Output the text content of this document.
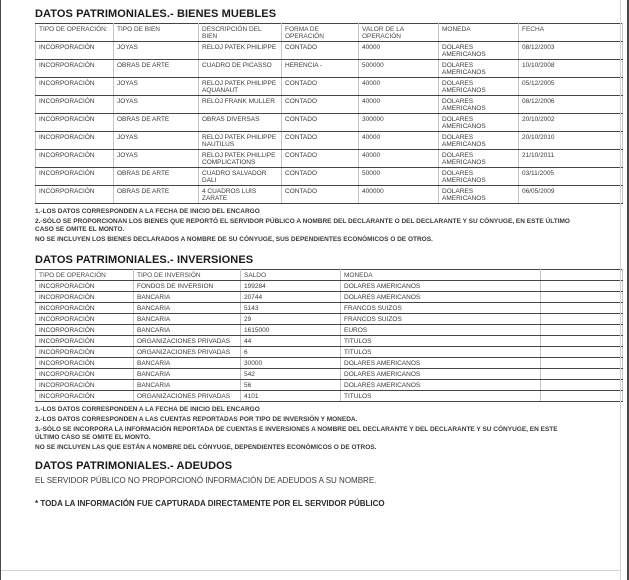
DATOS PATRIMONIALES.- BIENES MUEBLES
TIPO DE OPERACIÓN:	TIPO DE BIEN	DESCRIPCIÓN DEL BIEN	FORMA DE OPERACIÓN	VALOR DE LA OPERACIÓN	MONEDA	FECHA
INCORPORACIÓN	JOYAS	RELOJ PATEK PHILIPPE	CONTADO	40000	DOLARES AMERICANOS	08/12/2003
INCORPORACIÓN	OBRAS DE ARTE	CUADRO DE PICASSO	HERENCIA -	500000	DOLARES AMERICANOS	10/10/2008
INCORPORACIÓN	JOYAS	RELOJ PATEK PHILIPPE AQUANAUT	CONTADO	40000	DOLARES AMERICANOS	05/12/2005
INCORPORACIÓN	JOYAS	RELOJ FRANK MULLER	CONTADO	40000	DOLARES AMERICANOS	08/12/2006
INCORPORACIÓN	OBRAS DE ARTE	OBRAS DIVERSAS	CONTADO	300000	DOLARES AMERICANOS	20/10/2002
INCORPORACIÓN	JOYAS	RELOJ PATEK PHILIPPE NAUTILUS	CONTADO	40000	DOLARES AMERICANOS	20/10/2010
INCORPORACIÓN	JOYAS	RELOJ PATEK PHILLIPE COMPLICATIONS	CONTADO	40000	DOLARES AMERICANOS	21/10/2011
INCORPORACIÓN	OBRAS DE ARTE	CUADRO SALVADOR DALI	CONTADO	50000	DOLARES AMERICANOS	03/11/2005
INCORPORACIÓN	OBRAS DE ARTE	4 CUADROS LUIS ZARATE	CONTADO	400000	DOLARES AMERICANOS	06/05/2009
1.-LOS DATOS CORRESPONDEN A LA FECHA DE INICIO DEL ENCARGO
2.-SÓLO SE PROPORCIONAN LOS BIENES QUE REPORTÓ EL SERVIDOR PÚBLICO A NOMBRE DEL DECLARANTE O DEL DECLARANTE Y SU CÓNYUGE, EN ESTE ÚLTIMO CASO SE OMITE EL MONTO.
NO SE INCLUYEN LOS BIENES DECLARADOS A NOMBRE DE SU CÓNYUGE, SUS DEPENDIENTES ECONÓMICOS O DE OTROS.
DATOS PATRIMONIALES.- INVERSIONES
TIPO DE OPERACIÓN	TIPO DE INVERSIÓN	SALDO	MONEDA	
INCORPORACIÓN	FONDOS DE INVERSION	199284	DOLARES AMERICANOS	
INCORPORACIÓN	BANCARIA	20744	DOLARES AMERICANOS	
INCORPORACIÓN	BANCARIA	5143	FRANCOS SUIZOS	
INCORPORACIÓN	BANCARIA	29	FRANCOS SUIZOS	
INCORPORACIÓN	BANCARIA	1615000	EUROS	
INCORPORACIÓN	ORGANIZACIONES PRIVADAS	44	TITULOS	
INCORPORACIÓN	ORGANIZACIONES PRIVADAS	6	TITULOS	
INCORPORACIÓN	BANCARIA	30000	DOLARES AMERICANOS	
INCORPORACIÓN	BANCARIA	542	DOLARES AMERICANOS	
INCORPORACIÓN	BANCARIA	56	DOLARES AMERICANOS	
INCORPORACIÓN	ORGANIZACIONES PRIVADAS	4101	TITULOS	
1.-LOS DATOS CORRESPONDEN A LA FECHA DE INICIO DEL ENCARGO
2.-LOS DATOS CORRESPONDEN A LAS CUENTAS REPORTADAS POR TIPO DE INVERSIÓN Y MONEDA.
3.-SÓLO SE INCORPORA LA INFORMACIÓN REPORTADA DE CUENTAS E INVERSIONES A NOMBRE DEL DECLARANTE Y DEL DECLARANTE Y SU CÓNYUGE, EN ESTE ÚLTIMO CASO SE OMITE EL MONTO.
NO SE INCLUYEN LAS QUE ESTÁN A NOMBRE DEL CÓNYUGE, DEPENDIENTES ECONÓMICOS O DE OTROS.
DATOS PATRIMONIALES.- ADEUDOS

EL SERVIDOR PÚBLICO NO PROPORCIONÓ INFORMACIÓN DE ADEUDOS A SU NOMBRE.

* TODA LA INFORMACIÓN FUE CAPTURADA DIRECTAMENTE POR EL SERVIDOR PÚBLICO
